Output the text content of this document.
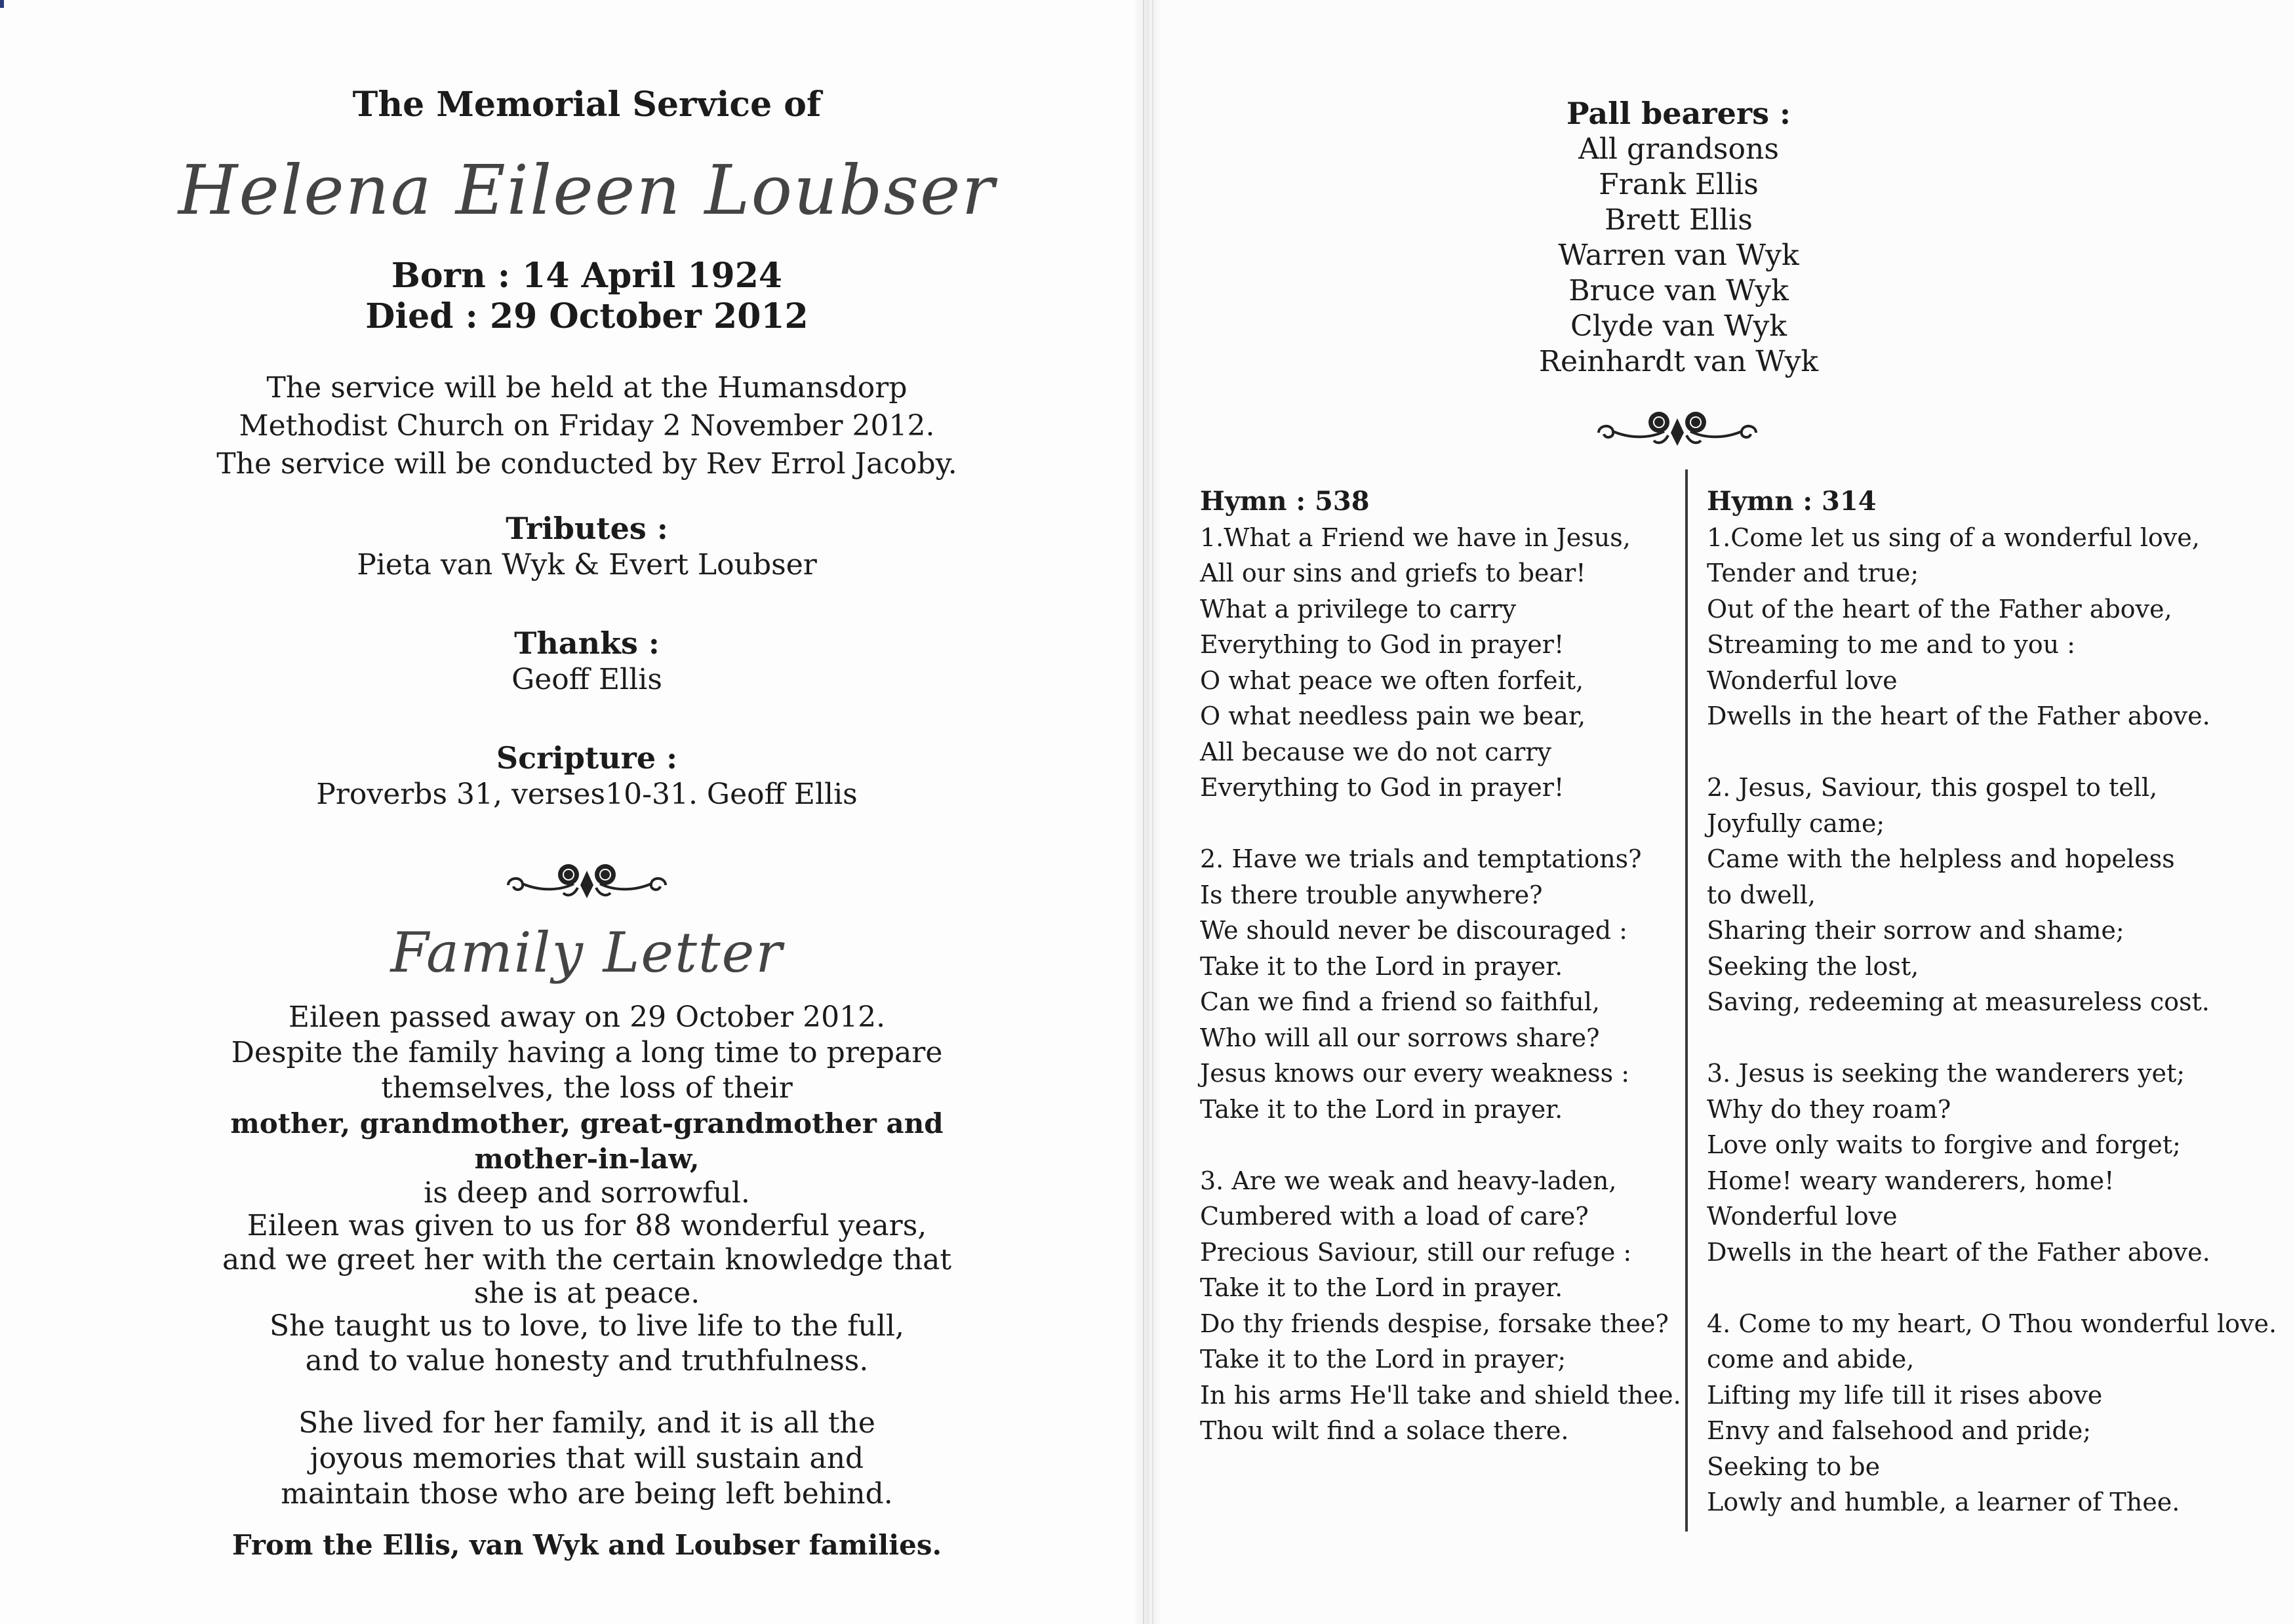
The Memorial Service of
Helena Eileen Loubser
Born : 14 April 1924
Died : 29 October 2012
The service will be held at the Humansdorp
Methodist Church on Friday 2 November 2012.
The service will be conducted by Rev Errol Jacoby.
Tributes :
Pieta van Wyk & Evert Loubser
Thanks :
Geoff Ellis
Scripture :
Proverbs 31, verses10-31. Geoff Ellis
Family Letter
Eileen passed away on 29 October 2012.
Despite the family having a long time to prepare
themselves, the loss of their
mother, grandmother, great-grandmother and
mother-in-law,
is deep and sorrowful.
Eileen was given to us for 88 wonderful years,
and we greet her with the certain knowledge that
she is at peace.
She taught us to love, to live life to the full,
and to value honesty and truthfulness.
She lived for her family, and it is all the
joyous memories that will sustain and
maintain those who are being left behind.
From the Ellis, van Wyk and Loubser families.
Pall bearers :
All grandsons
Frank Ellis
Brett Ellis
Warren van Wyk
Bruce van Wyk
Clyde van Wyk
Reinhardt van Wyk
Hymn : 538
1.What a Friend we have in Jesus,
All our sins and griefs to bear!
What a privilege to carry
Everything to God in prayer!
O what peace we often forfeit,
O what needless pain we bear,
All because we do not carry
Everything to God in prayer!
2. Have we trials and temptations?
Is there trouble anywhere?
We should never be discouraged :
Take it to the Lord in prayer.
Can we find a friend so faithful,
Who will all our sorrows share?
Jesus knows our every weakness :
Take it to the Lord in prayer.
3. Are we weak and heavy-laden,
Cumbered with a load of care?
Precious Saviour, still our refuge :
Take it to the Lord in prayer.
Do thy friends despise, forsake thee?
Take it to the Lord in prayer;
In his arms He'll take and shield thee.
Thou wilt find a solace there.
Hymn : 314
1.Come let us sing of a wonderful love,
Tender and true;
Out of the heart of the Father above,
Streaming to me and to you :
Wonderful love
Dwells in the heart of the Father above.
2. Jesus, Saviour, this gospel to tell,
Joyfully came;
Came with the helpless and hopeless
to dwell,
Sharing their sorrow and shame;
Seeking the lost,
Saving, redeeming at measureless cost.
3. Jesus is seeking the wanderers yet;
Why do they roam?
Love only waits to forgive and forget;
Home! weary wanderers, home!
Wonderful love
Dwells in the heart of the Father above.
4. Come to my heart, O Thou wonderful love.
come and abide,
Lifting my life till it rises above
Envy and falsehood and pride;
Seeking to be
Lowly and humble, a learner of Thee.
